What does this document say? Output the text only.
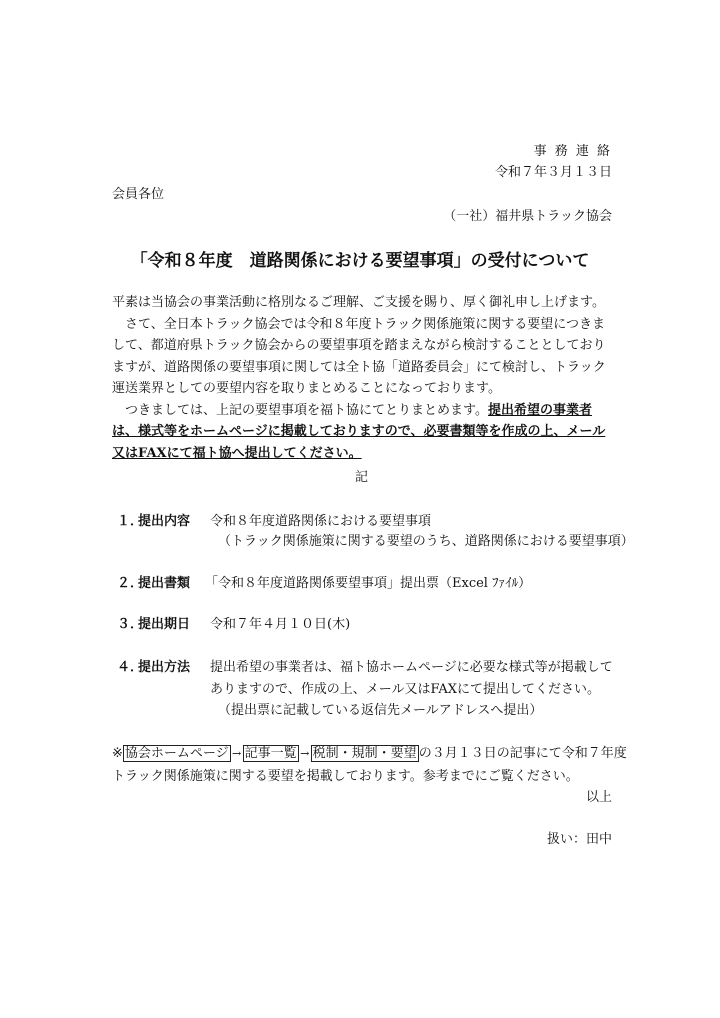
事 務 連 絡
令和７年３月１３日
会員各位
（一社）福井県トラック協会
「令和８年度　道路関係における要望事項」の受付について

平素は当協会の事業活動に格別なるご理解、ご支援を賜り、厚く御礼申し上げます。

さて、全日本トラック協会では令和８年度トラック関係施策に関する要望につきまして、都道府県トラック協会からの要望事項を踏まえながら検討することとしておりますが、道路関係の要望事項に関しては全ト協「道路委員会」にて検討し、トラック運送業界としての要望内容を取りまとめることになっております。

つきましては、上記の要望事項を福ト協にてとりまとめます。提出希望の事業者は、様式等をホームページに掲載しておりますので、必要書類等を作成の上、メール又はFAXにて福ト協へ提出してください。

記
１．
提出内容 令和８年度道路関係における要望事項
（トラック関係施策に関する要望のうち、道路関係における要望事項）
２．
提出書類 「令和８年度道路関係要望事項」提出票（Excel ﾌｧｲﾙ）
３．
提出期日 令和７年４月１０日(木)
４．
提出方法 提出希望の事業者は、福ト協ホームページに必要な様式等が掲載して
ありますので、作成の上、メール又はFAXにて提出してください。
（提出票に記載している返信先メールアドレスへ提出）
※ 協会ホームページ → 記事一覧 → 税制・規制・要望 の３月１３日の記事にて令和７年度
トラック関係施策に関する要望を掲載しております。参考までにご覧ください。
以上
扱い：田中
